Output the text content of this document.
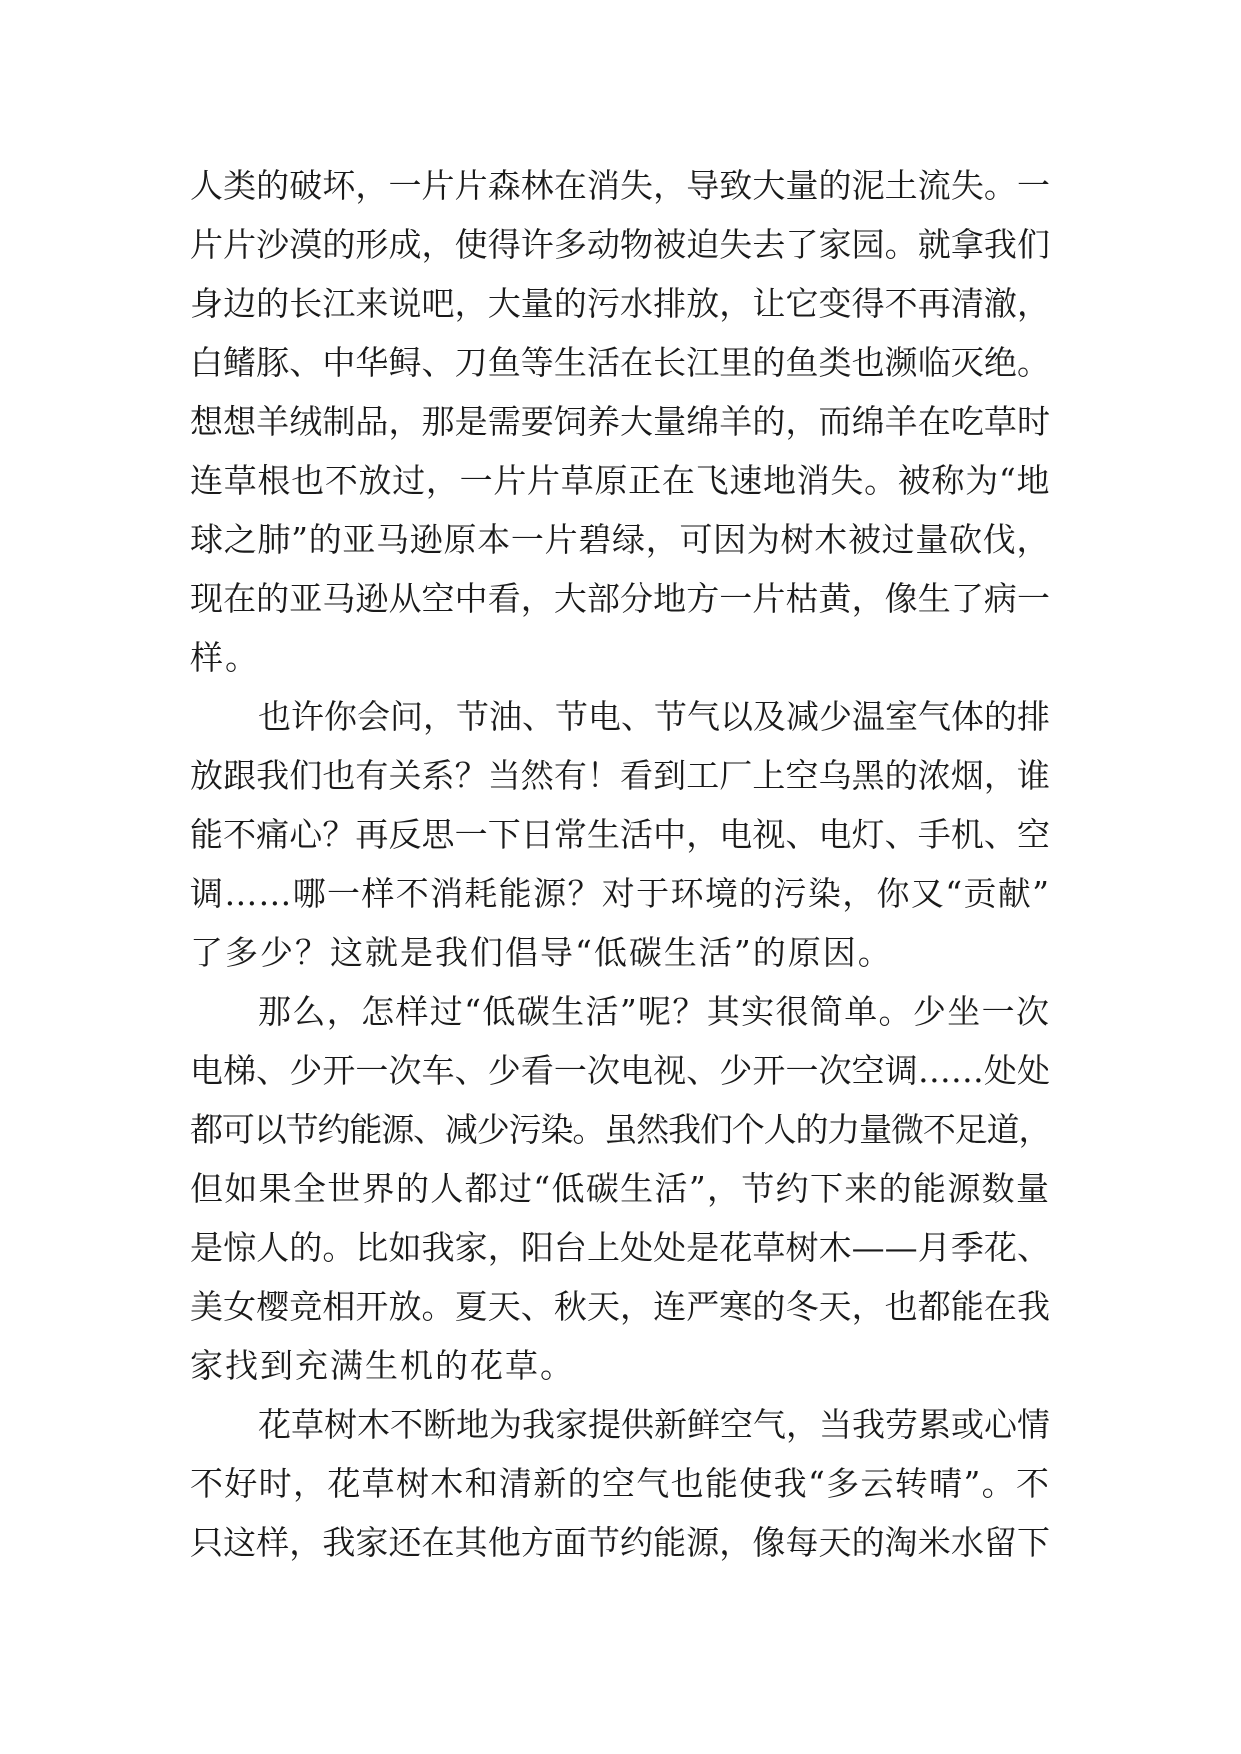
人类的破坏，一片片森林在消失，导致大量的泥土流失。一
片片沙漠的形成，使得许多动物被迫失去了家园。就拿我们
身边的长江来说吧，大量的污水排放，让它变得不再清澈，
白鳍豚、中华鲟、刀鱼等生活在长江里的鱼类也濒临灭绝。
想想羊绒制品，那是需要饲养大量绵羊的，而绵羊在吃草时
连草根也不放过，一片片草原正在飞速地消失。被称为“地
球之肺”的亚马逊原本一片碧绿，可因为树木被过量砍伐，
现在的亚马逊从空中看，大部分地方一片枯黄，像生了病一
样。
也许你会问，节油、节电、节气以及减少温室气体的排
放跟我们也有关系？当然有！看到工厂上空乌黑的浓烟，谁
能不痛心？再反思一下日常生活中，电视、电灯、手机、空
调……哪一样不消耗能源？对于环境的污染，你又“贡献”
了多少？这就是我们倡导“低碳生活”的原因。
那么，怎样过“低碳生活”呢？其实很简单。少坐一次
电梯、少开一次车、少看一次电视、少开一次空调……处处
都可以节约能源、减少污染。虽然我们个人的力量微不足道，
但如果全世界的人都过“低碳生活”，节约下来的能源数量
是惊人的。比如我家，阳台上处处是花草树木——月季花、
美女樱竞相开放。夏天、秋天，连严寒的冬天，也都能在我
家找到充满生机的花草。
花草树木不断地为我家提供新鲜空气，当我劳累或心情
不好时，花草树木和清新的空气也能使我“多云转晴”。不
只这样，我家还在其他方面节约能源，像每天的淘米水留下
